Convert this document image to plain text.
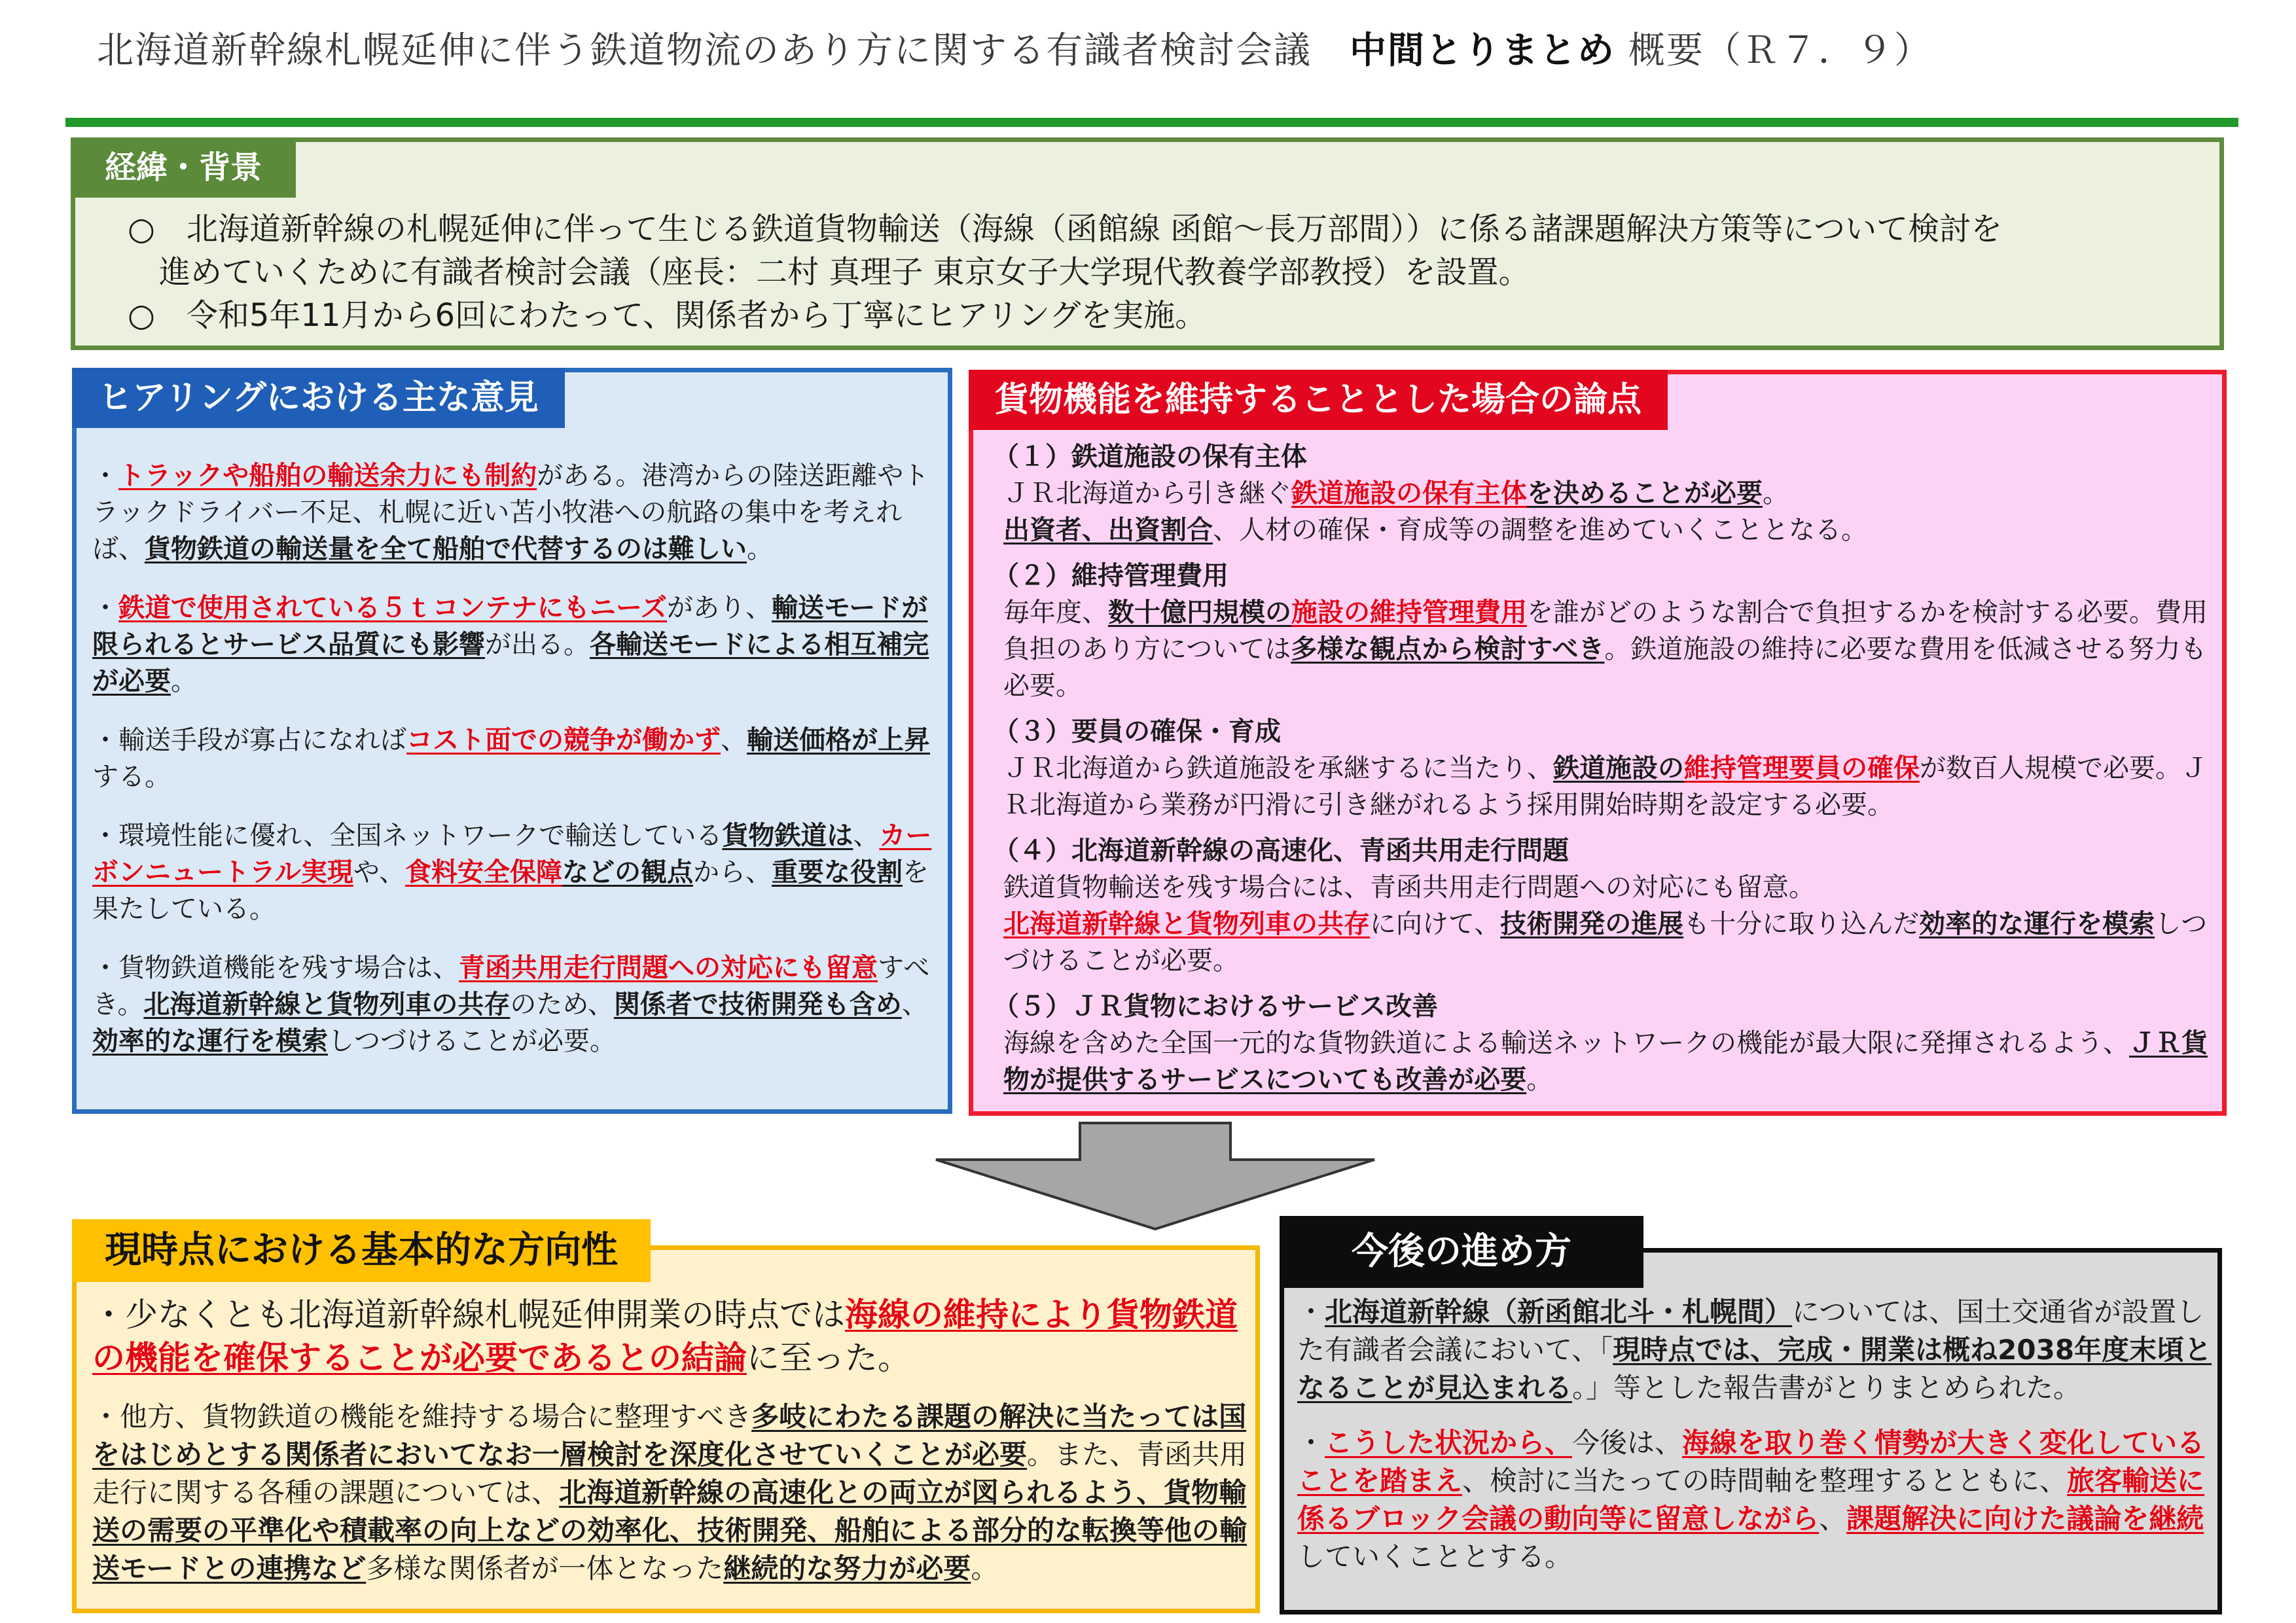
北海道新幹線札幌延伸に伴う鉄道物流のあり方に関する有識者検討会議　 中間とりまとめ 概要（Ｒ７．９）
経緯・背景
○　北海道新幹線の札幌延伸に伴って生じる鉄道貨物輸送（海線（函館線 函館～長万部間））に係る諸課題解決方策等について検討を
　進めていくために有識者検討会議（座長：二村 真理子 東京女子大学現代教養学部教授）を設置。
○　令和5年11月から6回にわたって、関係者から丁寧にヒアリングを実施。
ヒアリングにおける主な意見
・トラックや船舶の輸送余力にも制約がある。港湾からの陸送距離やトラックドライバー不足、札幌に近い苫小牧港への航路の集中を考えれば、貨物鉄道の輸送量を全て船舶で代替するのは難しい。
・鉄道で使用されている５ｔコンテナにもニーズがあり、輸送モードが限られるとサービス品質にも影響が出る。各輸送モードによる相互補完が必要。
・輸送手段が寡占になればコスト面での競争が働かず、輸送価格が上昇する。
・環境性能に優れ、全国ネットワークで輸送している貨物鉄道は、カーボンニュートラル実現や、食料安全保障などの観点から、重要な役割を果たしている。
・貨物鉄道機能を残す場合は、青函共用走行問題への対応にも留意すべき。北海道新幹線と貨物列車の共存のため、関係者で技術開発も含め、効率的な運行を模索しつづけることが必要。
貨物機能を維持することとした場合の論点
（１）鉄道施設の保有主体
ＪＲ北海道から引き継ぐ鉄道施設の保有主体を決めることが必要。
出資者、出資割合、人材の確保・育成等の調整を進めていくこととなる。
（２）維持管理費用
毎年度、数十億円規模の施設の維持管理費用を誰がどのような割合で負担するかを検討する必要。費用負担のあり方については多様な観点から検討すべき。鉄道施設の維持に必要な費用を低減させる努力も必要。
（３）要員の確保・育成
ＪＲ北海道から鉄道施設を承継するに当たり、鉄道施設の維持管理要員の確保が数百人規模で必要。ＪＲ北海道から業務が円滑に引き継がれるよう採用開始時期を設定する必要。
（４）北海道新幹線の高速化、青函共用走行問題
鉄道貨物輸送を残す場合には、青函共用走行問題への対応にも留意。
北海道新幹線と貨物列車の共存に向けて、技術開発の進展も十分に取り込んだ効率的な運行を模索しつづけることが必要。
（５）ＪＲ貨物におけるサービス改善
海線を含めた全国一元的な貨物鉄道による輸送ネットワークの機能が最大限に発揮されるよう、ＪＲ貨物が提供するサービスについても改善が必要。
現時点における基本的な方向性
・少なくとも北海道新幹線札幌延伸開業の時点では海線の維持により貨物鉄道の機能を確保することが必要であるとの結論に至った。
・他方、貨物鉄道の機能を維持する場合に整理すべき多岐にわたる課題の解決に当たっては国をはじめとする関係者においてなお一層検討を深度化させていくことが必要。また、青函共用走行に関する各種の課題については、北海道新幹線の高速化との両立が図られるよう、貨物輸送の需要の平準化や積載率の向上などの効率化、技術開発、船舶による部分的な転換等他の輸送モードとの連携など多様な関係者が一体となった継続的な努力が必要。
今後の進め方
・北海道新幹線（新函館北斗・札幌間）については、国土交通省が設置した有識者会議において、「現時点では、完成・開業は概ね2038年度末頃となることが見込まれる。」等とした報告書がとりまとめられた。
・こうした状況から、今後は、海線を取り巻く情勢が大きく変化していることを踏まえ、検討に当たっての時間軸を整理するとともに、旅客輸送に係るブロック会議の動向等に留意しながら、課題解決に向けた議論を継続していくこととする。
